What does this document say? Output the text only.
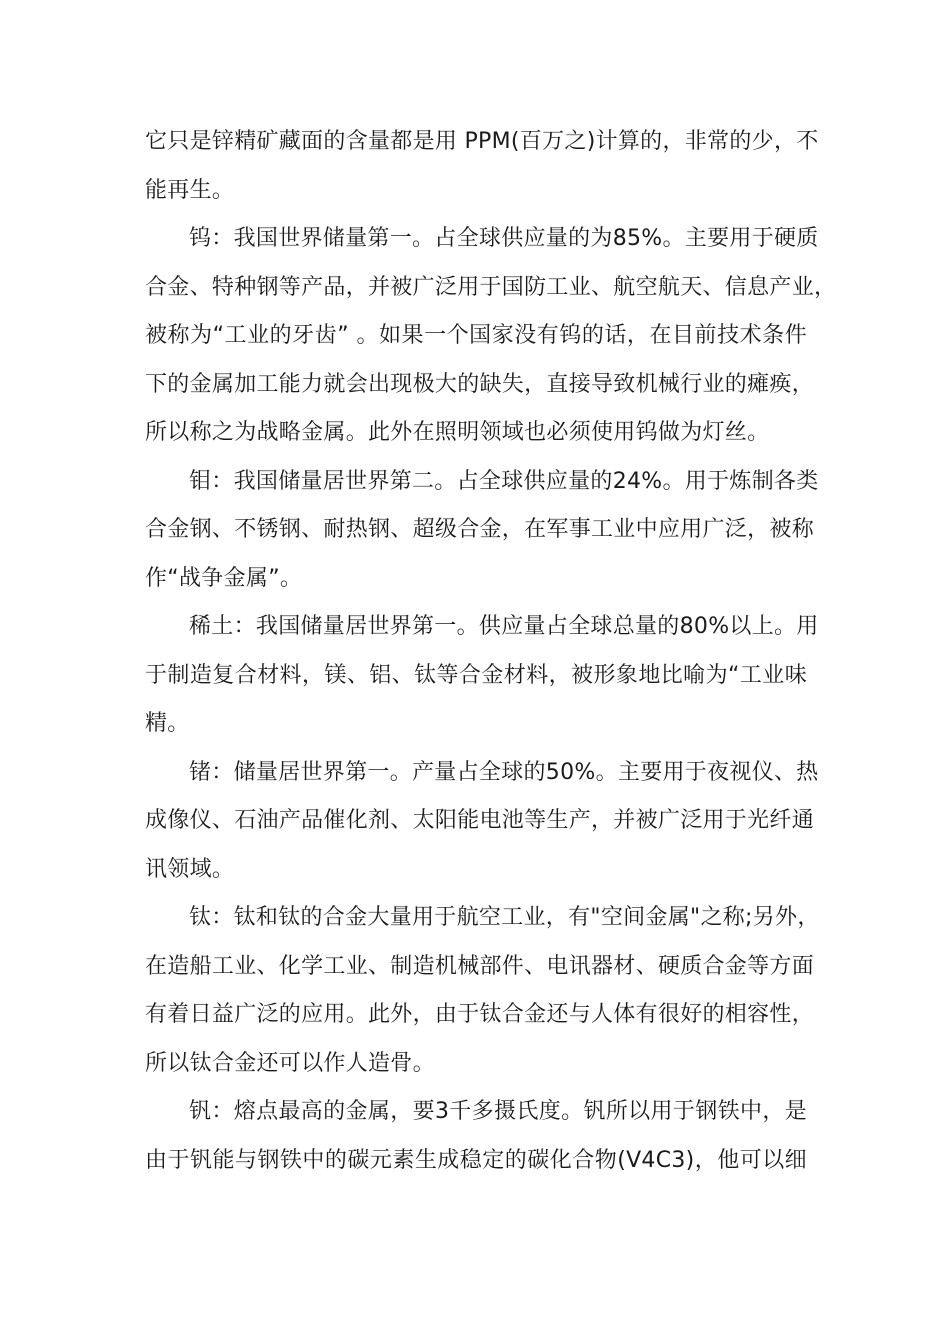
它只是锌精矿藏面的含量都是用 PPM(百万之)计算的，非常的少，不
能再生。

钨：我国世界储量第一。占全球供应量的为85%。主要用于硬质
合金、特种钢等产品，并被广泛用于国防工业、航空航天、信息产业，
被称为“工业的牙齿” 。如果一个国家没有钨的话，在目前技术条件
下的金属加工能力就会出现极大的缺失，直接导致机械行业的瘫痪，
所以称之为战略金属。此外在照明领域也必须使用钨做为灯丝。

钼：我国储量居世界第二。占全球供应量的24%。用于炼制各类
合金钢、不锈钢、耐热钢、超级合金，在军事工业中应用广泛，被称
作“战争金属”。

稀土：我国储量居世界第一。供应量占全球总量的80%以上。用
于制造复合材料，镁、铝、钛等合金材料，被形象地比喻为“工业味
精。

锗：储量居世界第一。产量占全球的50%。主要用于夜视仪、热
成像仪、石油产品催化剂、太阳能电池等生产，并被广泛用于光纤通
讯领域。

钛：钛和钛的合金大量用于航空工业，有"空间金属"之称;另外，
在造船工业、化学工业、制造机械部件、电讯器材、硬质合金等方面
有着日益广泛的应用。此外，由于钛合金还与人体有很好的相容性，
所以钛合金还可以作人造骨。

钒：熔点最高的金属，要3千多摄氏度。钒所以用于钢铁中，是
由于钒能与钢铁中的碳元素生成稳定的碳化合物(V4C3)，他可以细
